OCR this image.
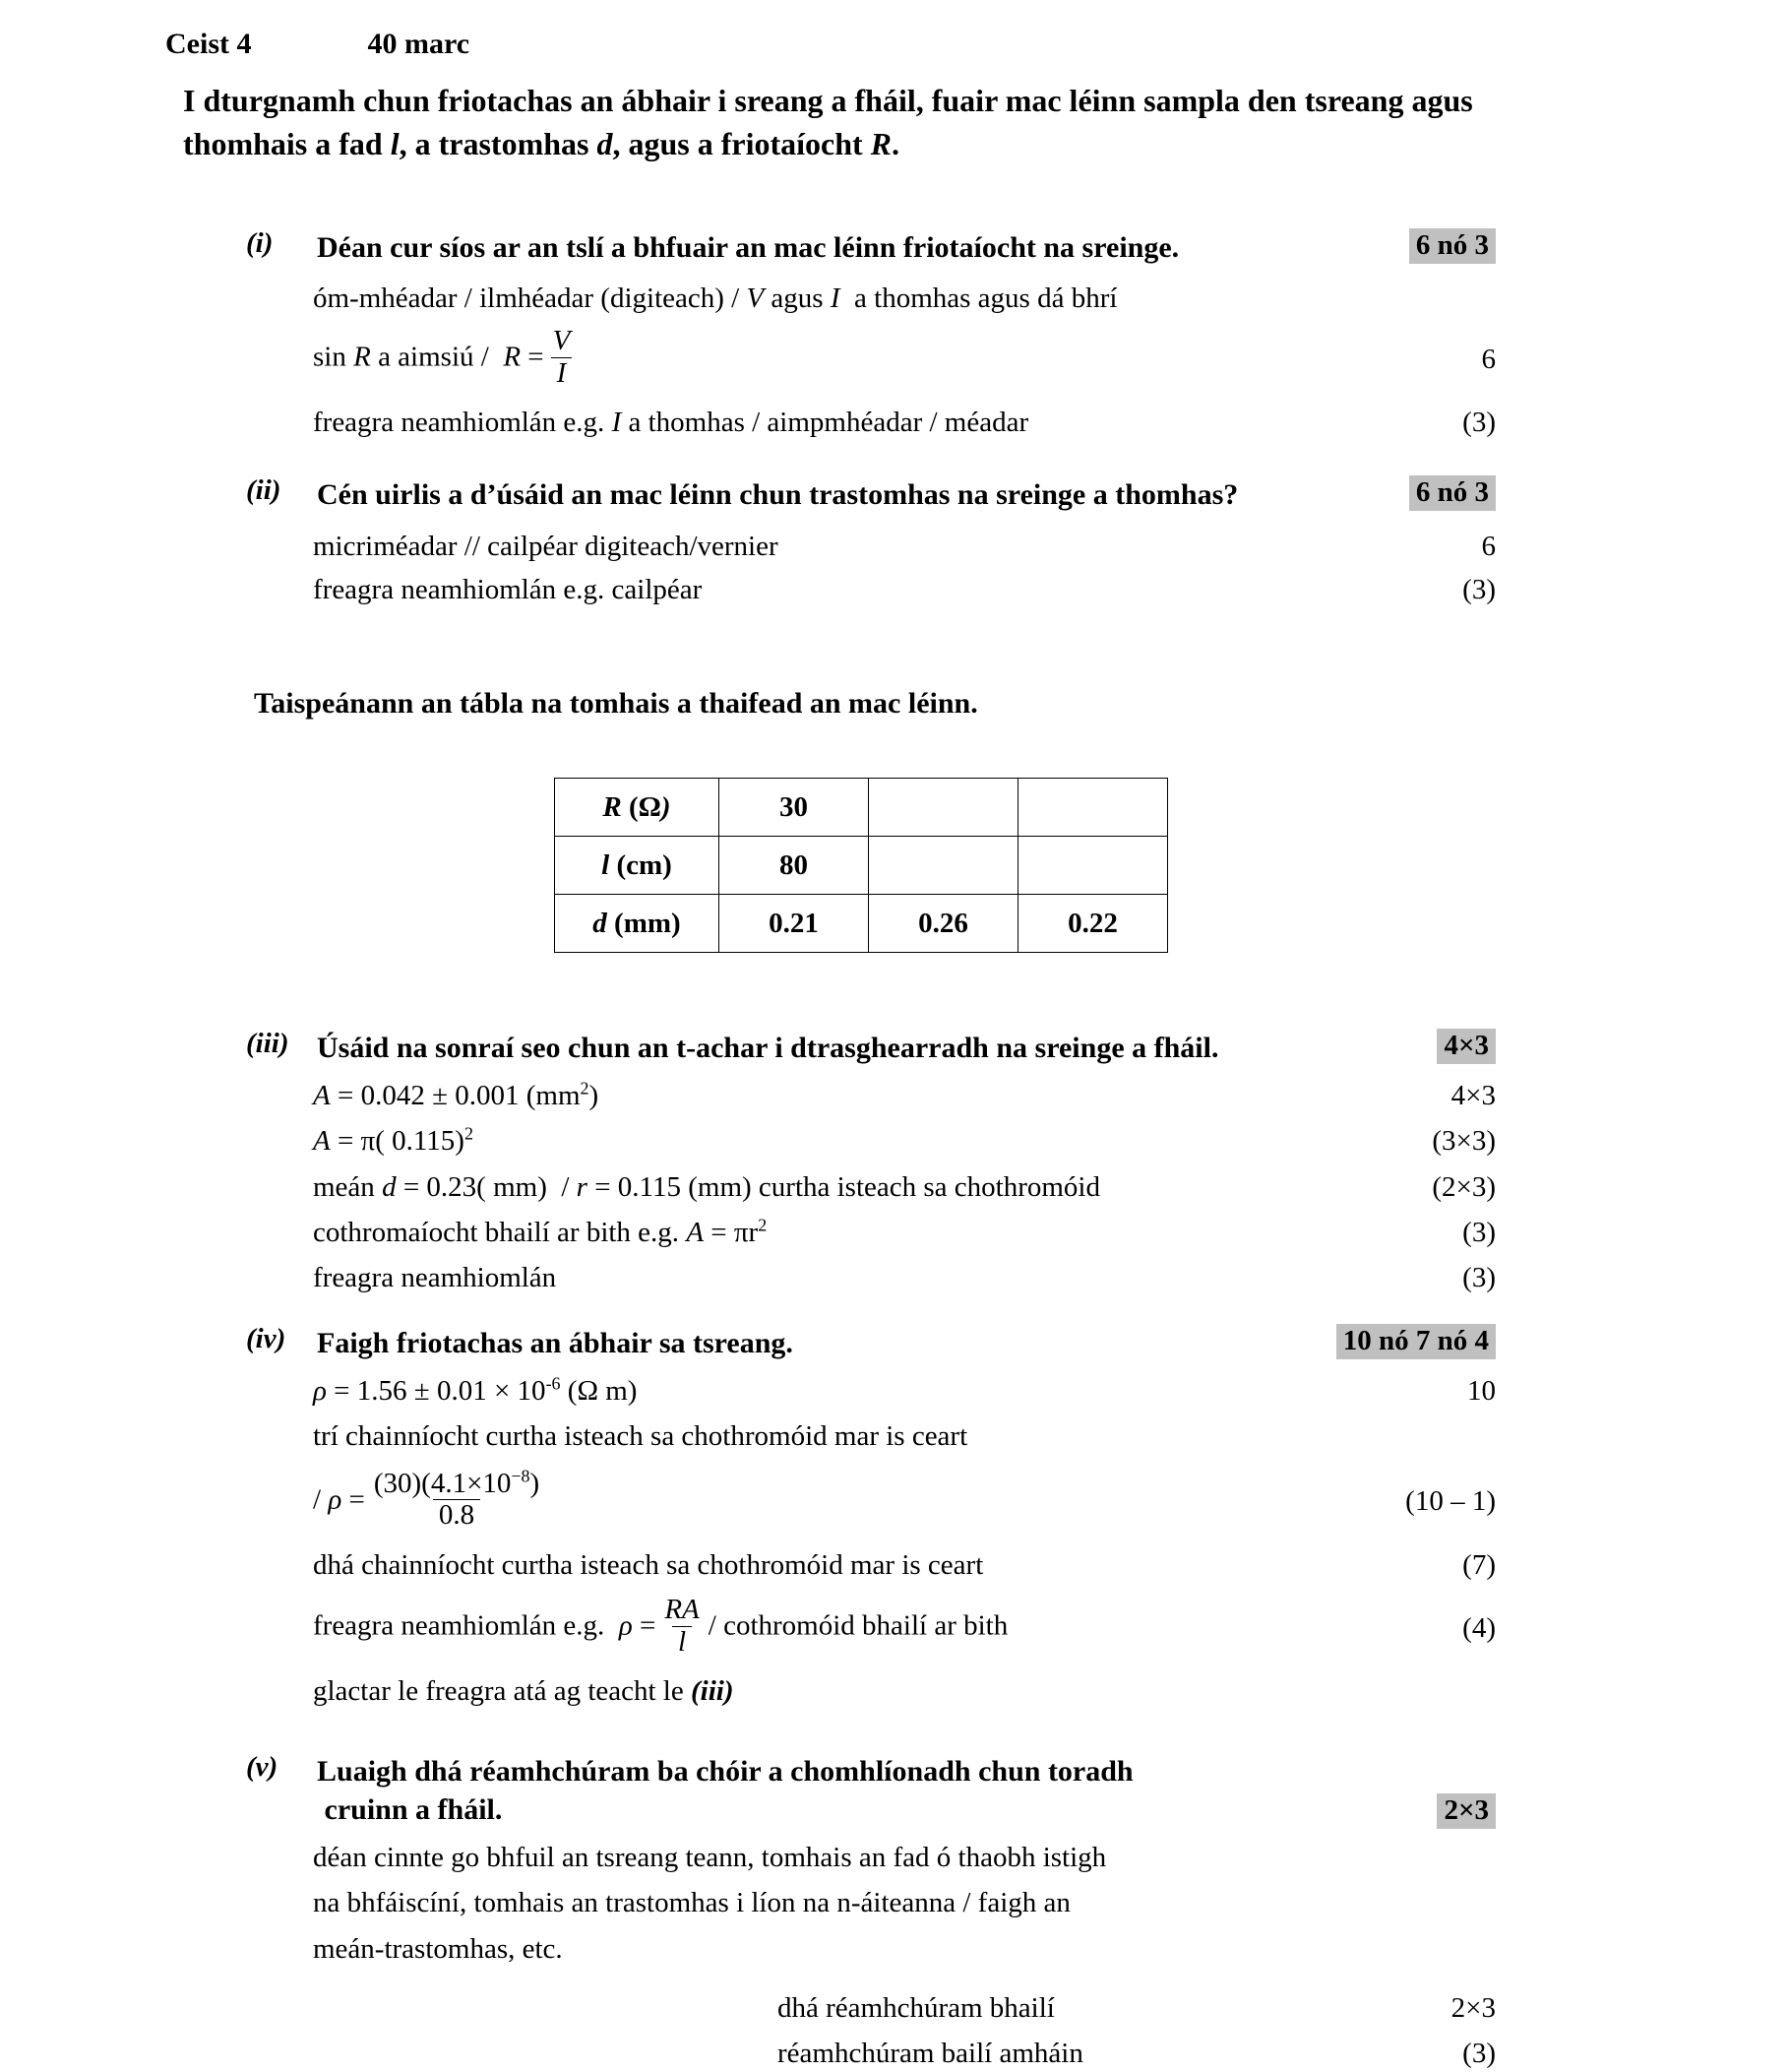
Ceist 4	40 marc
I dturgnamh chun friotachas an ábhair i sreang a fháil, fuair mac léinn sampla den tsreang agus thomhais a fad l, a trastomhas d, agus a friotaíocht R.
(i)	Déan cur síos ar an tslí a bhfuair an mac léinn friotaíocht na sreinge.	6 nó 3
óm-mhéadar / ilmhéadar (digiteach) / V agus I  a thomhas agus dá bhrí
sin R a aimsiú /  $R = \frac{V}{I}$	6
freagra neamhiomlán e.g. I a thomhas / aimpmhéadar / méadar	(3)
(ii)	Cén uirlis a d’úsáid an mac léinn chun trastomhas na sreinge a thomhas?	6 nó 3
micriméadar // cailpéar digiteach/vernier	6
freagra neamhiomlán e.g. cailpéar	(3)
Taispeánann an tábla na tomhais a thaifead an mac léinn.
R (Ω)	30		
l (cm)	80		
d (mm)	0.21	0.26	0.22
(iii) Úsáid na sonraí seo chun an t-achar i dtrasghearradh na sreinge a fháil.	4×3
A = 0.042 ± 0.001 $(mm^2)$	4×3
A = π( 0.115)$^2$	(3×3)
meán d = 0.23( mm)  / r = 0.115 (mm) curtha isteach sa chothromóid	(2×3)
cothromaíocht bhailí ar bith e.g. $A = \pi r^2$	(3)
freagra neamhiomlán	(3)
(iv)	Faigh friotachas an ábhair sa tsreang.	10 nó 7 nó 4
$\rho = 1.56 \pm 0.01 \times 10^{-6}$ (Ω m)	10
trí chainníocht curtha isteach sa chothromóid mar is ceart
/ $\rho = \frac{(30)(4.1\times 10^{-8})}{0.8}$	(10 – 1)
dhá chainníocht curtha isteach sa chothromóid mar is ceart	(7)
freagra neamhiomlán e.g.  $\rho = \frac{RA}{l}$ / cothromóid bhailí ar bith	(4)
glactar le freagra atá ag teacht le (iii)
(v)	Luaigh dhá réamhchúram ba chóir a chomhlíonadh chun toradh
cruinn a fháil.	2×3
déan cinnte go bhfuil an tsreang teann, tomhais an fad ó thaobh istigh
na bhfáiscíní, tomhais an trastomhas i líon na n-áiteanna / faigh an
meán-trastomhas, etc.
dhá réamhchúram bhailí	2×3
réamhchúram bailí amháin	(3)
